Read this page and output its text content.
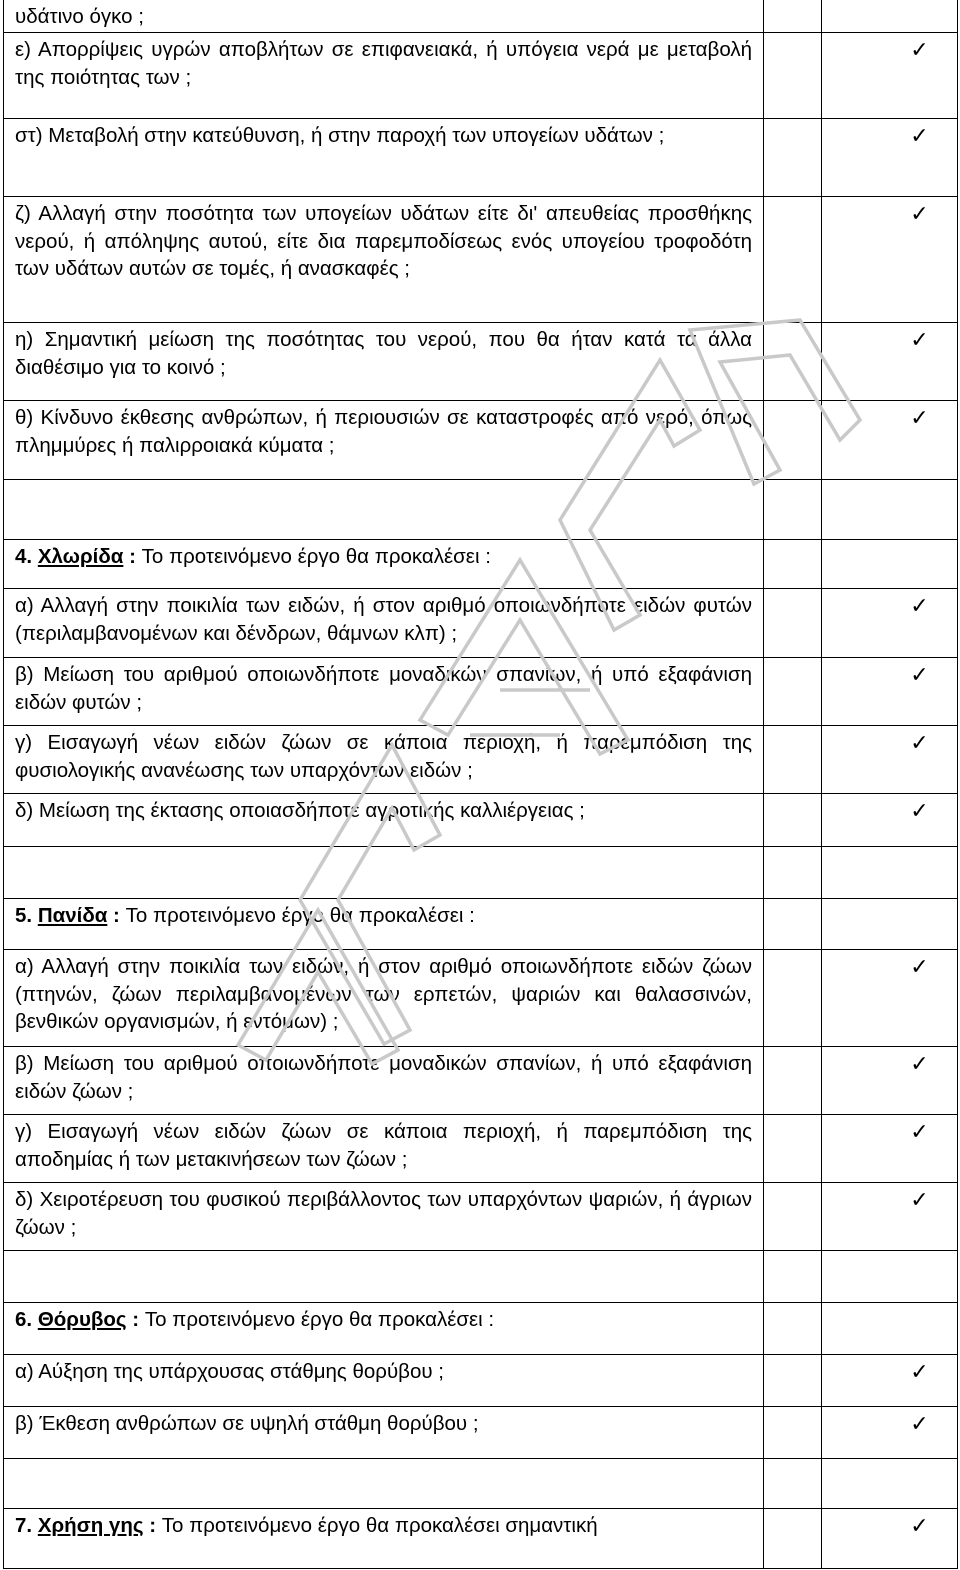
υδάτινο όγκο ;		

ε) Απορρίψεις υγρών αποβλήτων σε επιφανειακά, ή υπόγεια νερά με μεταβολή της ποιότητας των ;		✓

στ) Μεταβολή στην κατεύθυνση, ή στην παροχή των υπογείων υδάτων ;		✓

ζ) Αλλαγή στην ποσότητα των υπογείων υδάτων είτε δι' απευθείας προσθήκης νερού, ή απόληψης αυτού, είτε δια παρεμποδίσεως ενός υπογείου τροφοδότη των υδάτων αυτών σε τομές, ή ανασκαφές ;		✓

η) Σημαντική μείωση της ποσότητας του νερού, που θα ήταν κατά τα άλλα διαθέσιμο για το κοινό ;		✓

θ) Κίνδυνο έκθεσης ανθρώπων, ή περιουσιών σε καταστροφές από νερό, όπως πλημμύρες ή παλιρροιακά κύματα ;		✓

4. Χλωρίδα : Το προτεινόμενο έργο θα προκαλέσει :		

α) Αλλαγή στην ποικιλία των ειδών, ή στον αριθμό οποιωνδήποτε ειδών φυτών (περιλαμβανομένων και δένδρων, θάμνων κλπ) ;		✓

β) Μείωση του αριθμού οποιωνδήποτε μοναδικών σπανίων, ή υπό εξαφάνιση ειδών φυτών ;		✓

γ) Εισαγωγή νέων ειδών ζώων σε κάποια περιοχή, ή παρεμπόδιση της φυσιολογικής ανανέωσης των υπαρχόντων ειδών ;		✓

δ) Μείωση της έκτασης οποιασδήποτε αγροτικής καλλιέργειας ;		✓

5. Πανίδα : Το προτεινόμενο έργο θα προκαλέσει :		

α) Αλλαγή στην ποικιλία των ειδών, ή στον αριθμό οποιωνδήποτε ειδών ζώων (πτηνών, ζώων περιλαμβανομένων των ερπετών, ψαριών και θαλασσινών, βενθικών οργανισμών, ή εντόμων) ;		✓

β) Μείωση του αριθμού οποιωνδήποτε μοναδικών σπανίων, ή υπό εξαφάνιση ειδών ζώων ;		✓

γ) Εισαγωγή νέων ειδών ζώων σε κάποια περιοχή, ή παρεμπόδιση της αποδημίας ή των μετακινήσεων των ζώων ;		✓

δ) Χειροτέρευση του φυσικού περιβάλλοντος των υπαρχόντων ψαριών, ή άγριων ζώων ;		✓

6. Θόρυβος : Το προτεινόμενο έργο θα προκαλέσει :		

α) Αύξηση της υπάρχουσας στάθμης θορύβου ;		✓

β) Έκθεση ανθρώπων σε υψηλή στάθμη θορύβου ;		✓

7. Χρήση γης : Το προτεινόμενο έργο θα προκαλέσει σημαντική		✓
